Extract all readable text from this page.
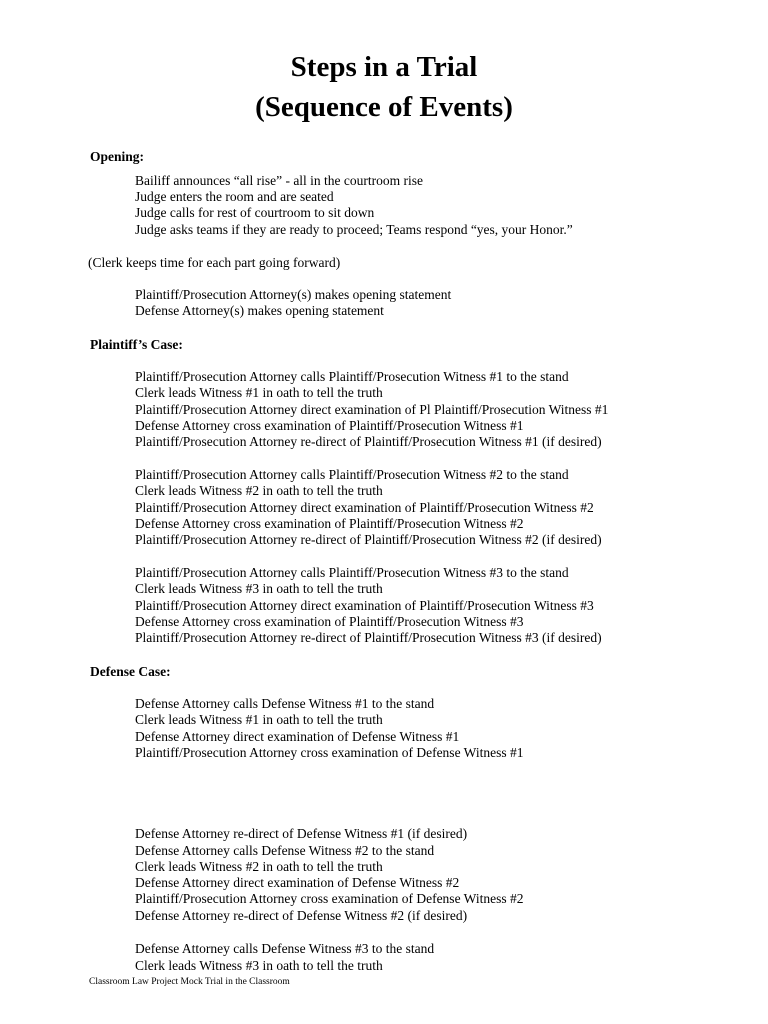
Steps in a Trial
(Sequence of Events)
Opening:
Bailiff announces “all rise” - all in the courtroom rise
Judge enters the room and are seated
Judge calls for rest of courtroom to sit down
Judge asks teams if they are ready to proceed; Teams respond “yes, your Honor.”
(Clerk keeps time for each part going forward)
Plaintiff/Prosecution Attorney(s) makes opening statement
Defense Attorney(s) makes opening statement
Plaintiff’s Case:
Plaintiff/Prosecution Attorney calls Plaintiff/Prosecution Witness #1 to the stand
Clerk leads Witness #1 in oath to tell the truth
Plaintiff/Prosecution Attorney direct examination of Pl Plaintiff/Prosecution Witness #1
Defense Attorney cross examination of Plaintiff/Prosecution Witness #1
Plaintiff/Prosecution Attorney re-direct of Plaintiff/Prosecution Witness #1 (if desired)
Plaintiff/Prosecution Attorney calls Plaintiff/Prosecution Witness #2 to the stand
Clerk leads Witness #2 in oath to tell the truth
Plaintiff/Prosecution Attorney direct examination of Plaintiff/Prosecution Witness #2
Defense Attorney cross examination of Plaintiff/Prosecution Witness #2
Plaintiff/Prosecution Attorney re-direct of Plaintiff/Prosecution Witness #2 (if desired)
Plaintiff/Prosecution Attorney calls Plaintiff/Prosecution Witness #3 to the stand
Clerk leads Witness #3 in oath to tell the truth
Plaintiff/Prosecution Attorney direct examination of Plaintiff/Prosecution Witness #3
Defense Attorney cross examination of Plaintiff/Prosecution Witness #3
Plaintiff/Prosecution Attorney re-direct of Plaintiff/Prosecution Witness #3 (if desired)
Defense Case:
Defense Attorney calls Defense Witness #1 to the stand
Clerk leads Witness #1 in oath to tell the truth
Defense Attorney direct examination of Defense Witness #1
Plaintiff/Prosecution Attorney cross examination of Defense Witness #1
Defense Attorney re-direct of Defense Witness #1 (if desired)
Defense Attorney calls Defense Witness #2 to the stand
Clerk leads Witness #2 in oath to tell the truth
Defense Attorney direct examination of Defense Witness #2
Plaintiff/Prosecution Attorney cross examination of Defense Witness #2
Defense Attorney re-direct of Defense Witness #2 (if desired)
Defense Attorney calls Defense Witness #3 to the stand
Clerk leads Witness #3 in oath to tell the truth
Classroom Law Project Mock Trial in the Classroom
